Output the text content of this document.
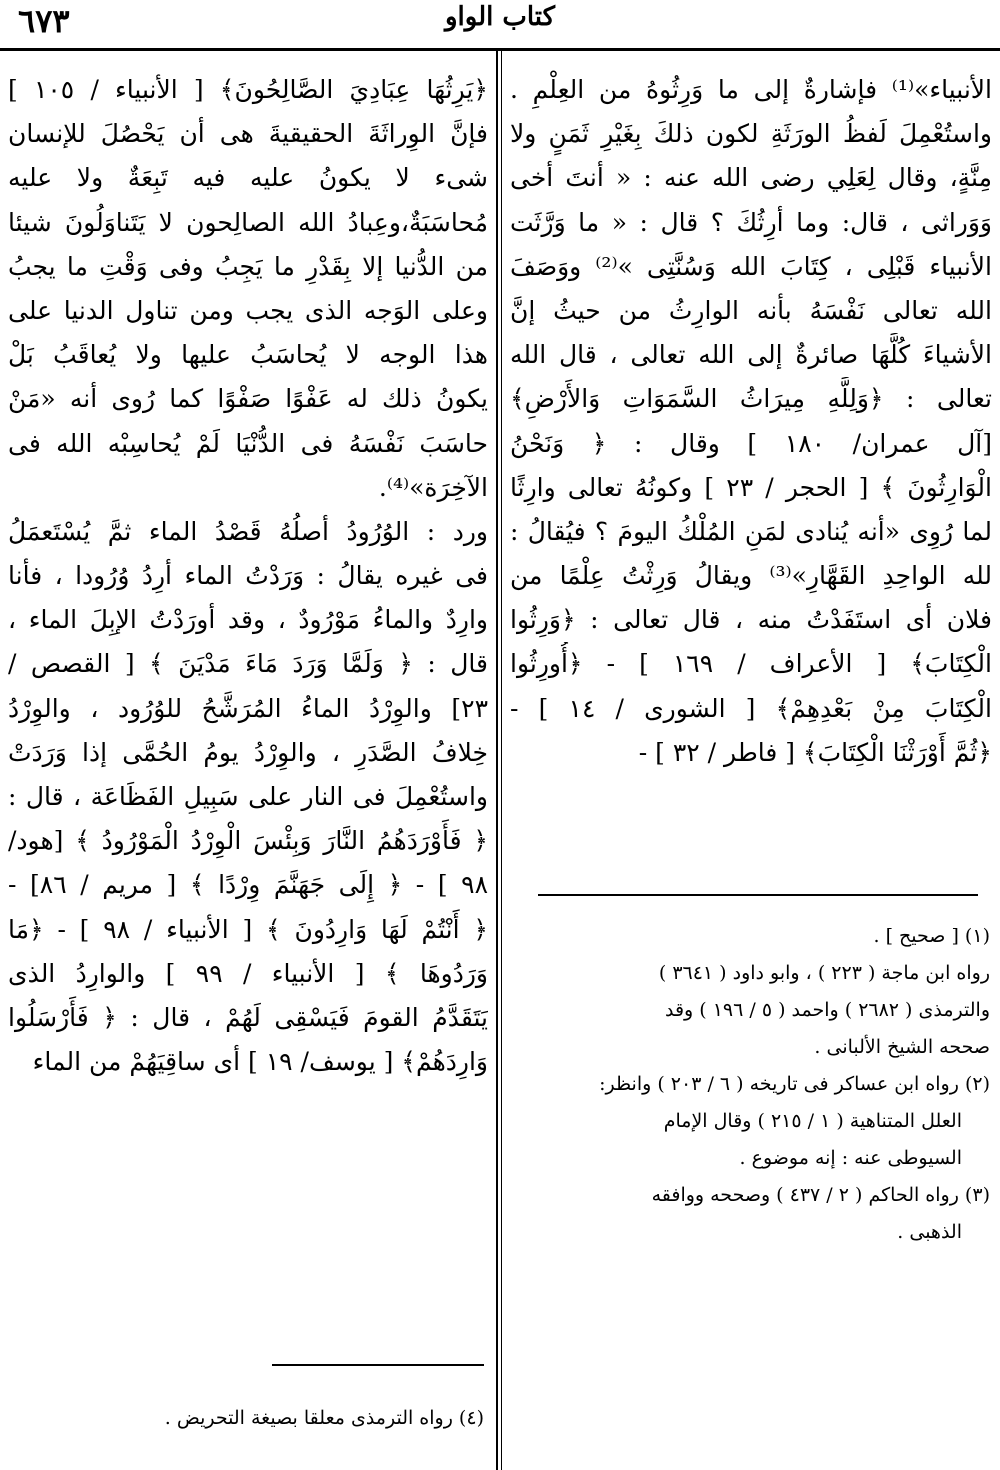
كتاب الواو
٦٧٣
الأنبياء»⁽¹⁾ فإشارةٌ إلى ما وَرِثُوهُ من العِلْمِ .
واستُعْمِلَ لَفظُ الورَثَةِ لكون ذلكَ بِغَيْرِ ثَمَنٍ ولا
مِنَّةٍ، وقال لِعَلِي رضى الله عنه : « أنتَ أخى
وَوَراثى ، قال: وما أرِثُكَ ؟ قال : « ما وَرَّثَت
الأنبياء قَبْلِى ، كِتَابَ الله وَسُنَّتِى »⁽²⁾ ووَصَفَ
الله تعالى نَفْسَهُ بأنه الوارِثُ من حيثُ إنَّ
الأشياءَ كُلَّهَا صائرةٌ إلى الله تعالى ، قال الله
تعالى : ﴿وَلِلَّهِ مِيرَاثُ السَّمَوَاتِ وَالأَرْضِ﴾
[آل عمران/ ١٨٠ ] وقال : ﴿ وَنَحْنُ
الْوَارِثُونَ ﴾ [ الحجر / ٢٣ ] وكونُهُ تعالى وارِثًا
لما رُوِى «أنه يُنادى لمَنِ المُلْكُ اليومَ ؟ فيُقالُ :
لله الواحِدِ القَهَّارِ»⁽³⁾ ويقالُ وَرِثْتُ عِلْمًا من
فلان أى استَفَدْتُ منه ، قال تعالى : ﴿وَرِثُوا
الْكِتَابَ﴾ [ الأعراف / ١٦٩ ] - ﴿أُورِثُوا
الْكِتَابَ مِنْ بَعْدِهِمْ﴾ [ الشورى / ١٤ ] -
﴿ثُمَّ أَوْرَثْنَا الْكِتَابَ﴾ [ فاطر / ٣٢ ] -
(١) [ صحيح ] .
رواه ابن ماجة ( ٢٢٣ ) ، وابو داود ( ٣٦٤١ )
والترمذى ( ٢٦٨٢ ) واحمد ( ٥ / ١٩٦ ) وقد
صححه الشيخ الألبانى .
(٢) رواه ابن عساكر فى تاريخه ( ٦ / ٢٠٣ ) وانظر:
العلل المتناهية ( ١ / ٢١٥ ) وقال الإمام
السيوطى عنه : إنه موضوع .
(٣) رواه الحاكم ( ٢ / ٤٣٧ ) وصححه ووافقه
الذهبى .
﴿يَرِثُهَا عِبَادِيَ الصَّالِحُونَ﴾ [ الأنبياء / ١٠٥ ]
فإنَّ الوِراثَةَ الحقيقيةَ هى أن يَحْصُلَ للإنسان
شىء لا يكونُ عليه فيه تَبِعَةٌ ولا عليه
مُحاسَبَةٌ،وعِبادُ الله الصالِحون لا يَتَناوَلُونَ شيئا
من الدُّنيا إلا بِقَدْرِ ما يَجِبُ وفى وَقْتِ ما يجبُ
وعلى الوَجه الذى يجب ومن تناول الدنيا على
هذا الوجه لا يُحاسَبُ عليها ولا يُعاقَبُ بَلْ
يكونُ ذلك له عَفْوًا صَفْوًا كما رُوى أنه «مَنْ
حاسَبَ نَفْسَهُ فى الدُّنْيَا لَمْ يُحاسِبْه الله فى
الآخِرَة»⁽⁴⁾.
ورد : الوُرُودُ أصلُهُ قَصْدُ الماء ثمَّ يُسْتَعمَلُ
فى غيره يقالُ : وَرَدْتُ الماء أرِدُ وُرُودا ، فأنا
وارِدٌ والماءُ مَوْرُودٌ ، وقد أورَدْتُ الإبِلَ الماء ،
قال : ﴿ وَلَمَّا وَرَدَ مَاءَ مَدْيَنَ ﴾ [ القصص /
٢٣] والوِرْدُ الماءُ المُرَشَّحُ للوُرُود ، والوِرْدُ
خِلافُ الصَّدَرِ ، والوِرْدُ يومُ الحُمَّى إذا وَرَدَتْ
واستُعْمِلَ فى النار على سَبِيلِ الفَظَاعَة ، قال :
﴿ فَأَوْرَدَهُمُ النَّارَ وَبِئْسَ الْوِرْدُ الْمَوْرُودُ ﴾ [هود/
٩٨ ] - ﴿ إِلَى جَهَنَّمَ وِرْدًا ﴾ [ مريم / ٨٦] -
﴿ أَنْتُمْ لَهَا وَارِدُونَ ﴾ [ الأنبياء / ٩٨ ] - ﴿مَا
وَرَدُوهَا ﴾ [ الأنبياء / ٩٩ ] والوارِدُ الذى
يَتَقَدَّمُ القومَ فَيَسْقِى لَهُمْ ، قال : ﴿ فَأَرْسَلُوا
وَارِدَهُمْ﴾ [ يوسف/ ١٩ ] أى ساقِيَهُمْ من الماء
(٤) رواه الترمذى معلقا بصيغة التحريض .
